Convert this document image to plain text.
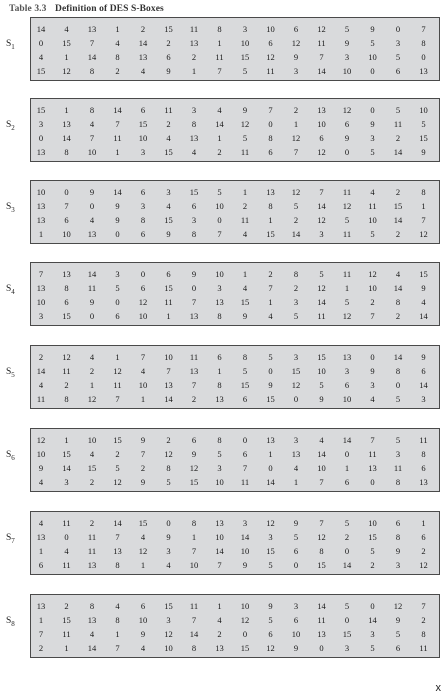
Table 3.3 Definition of DES S-Boxes
$S_1$
14	4	13	1	2	15	11	8	3	10	6	12	5	9	0	7
0	15	7	4	14	2	13	1	10	6	12	11	9	5	3	8
4	1	14	8	13	6	2	11	15	12	9	7	3	10	5	0
15	12	8	2	4	9	1	7	5	11	3	14	10	0	6	13
$S_2$
15	1	8	14	6	11	3	4	9	7	2	13	12	0	5	10
3	13	4	7	15	2	8	14	12	0	1	10	6	9	11	5
0	14	7	11	10	4	13	1	5	8	12	6	9	3	2	15
13	8	10	1	3	15	4	2	11	6	7	12	0	5	14	9
$S_3$
10	0	9	14	6	3	15	5	1	13	12	7	11	4	2	8
13	7	0	9	3	4	6	10	2	8	5	14	12	11	15	1
13	6	4	9	8	15	3	0	11	1	2	12	5	10	14	7
1	10	13	0	6	9	8	7	4	15	14	3	11	5	2	12
$S_4$
7	13	14	3	0	6	9	10	1	2	8	5	11	12	4	15
13	8	11	5	6	15	0	3	4	7	2	12	1	10	14	9
10	6	9	0	12	11	7	13	15	1	3	14	5	2	8	4
3	15	0	6	10	1	13	8	9	4	5	11	12	7	2	14
$S_5$
2	12	4	1	7	10	11	6	8	5	3	15	13	0	14	9
14	11	2	12	4	7	13	1	5	0	15	10	3	9	8	6
4	2	1	11	10	13	7	8	15	9	12	5	6	3	0	14
11	8	12	7	1	14	2	13	6	15	0	9	10	4	5	3
$S_6$
12	1	10	15	9	2	6	8	0	13	3	4	14	7	5	11
10	15	4	2	7	12	9	5	6	1	13	14	0	11	3	8
9	14	15	5	2	8	12	3	7	0	4	10	1	13	11	6
4	3	2	12	9	5	15	10	11	14	1	7	6	0	8	13
$S_7$
4	11	2	14	15	0	8	13	3	12	9	7	5	10	6	1
13	0	11	7	4	9	1	10	14	3	5	12	2	15	8	6
1	4	11	13	12	3	7	14	10	15	6	8	0	5	9	2
6	11	13	8	1	4	10	7	9	5	0	15	14	2	3	12
$S_8$
13	2	8	4	6	15	11	1	10	9	3	14	5	0	12	7
1	15	13	8	10	3	7	4	12	5	6	11	0	14	9	2
7	11	4	1	9	12	14	2	0	6	10	13	15	3	5	8
2	1	14	7	4	10	8	13	15	12	9	0	3	5	6	11
x
